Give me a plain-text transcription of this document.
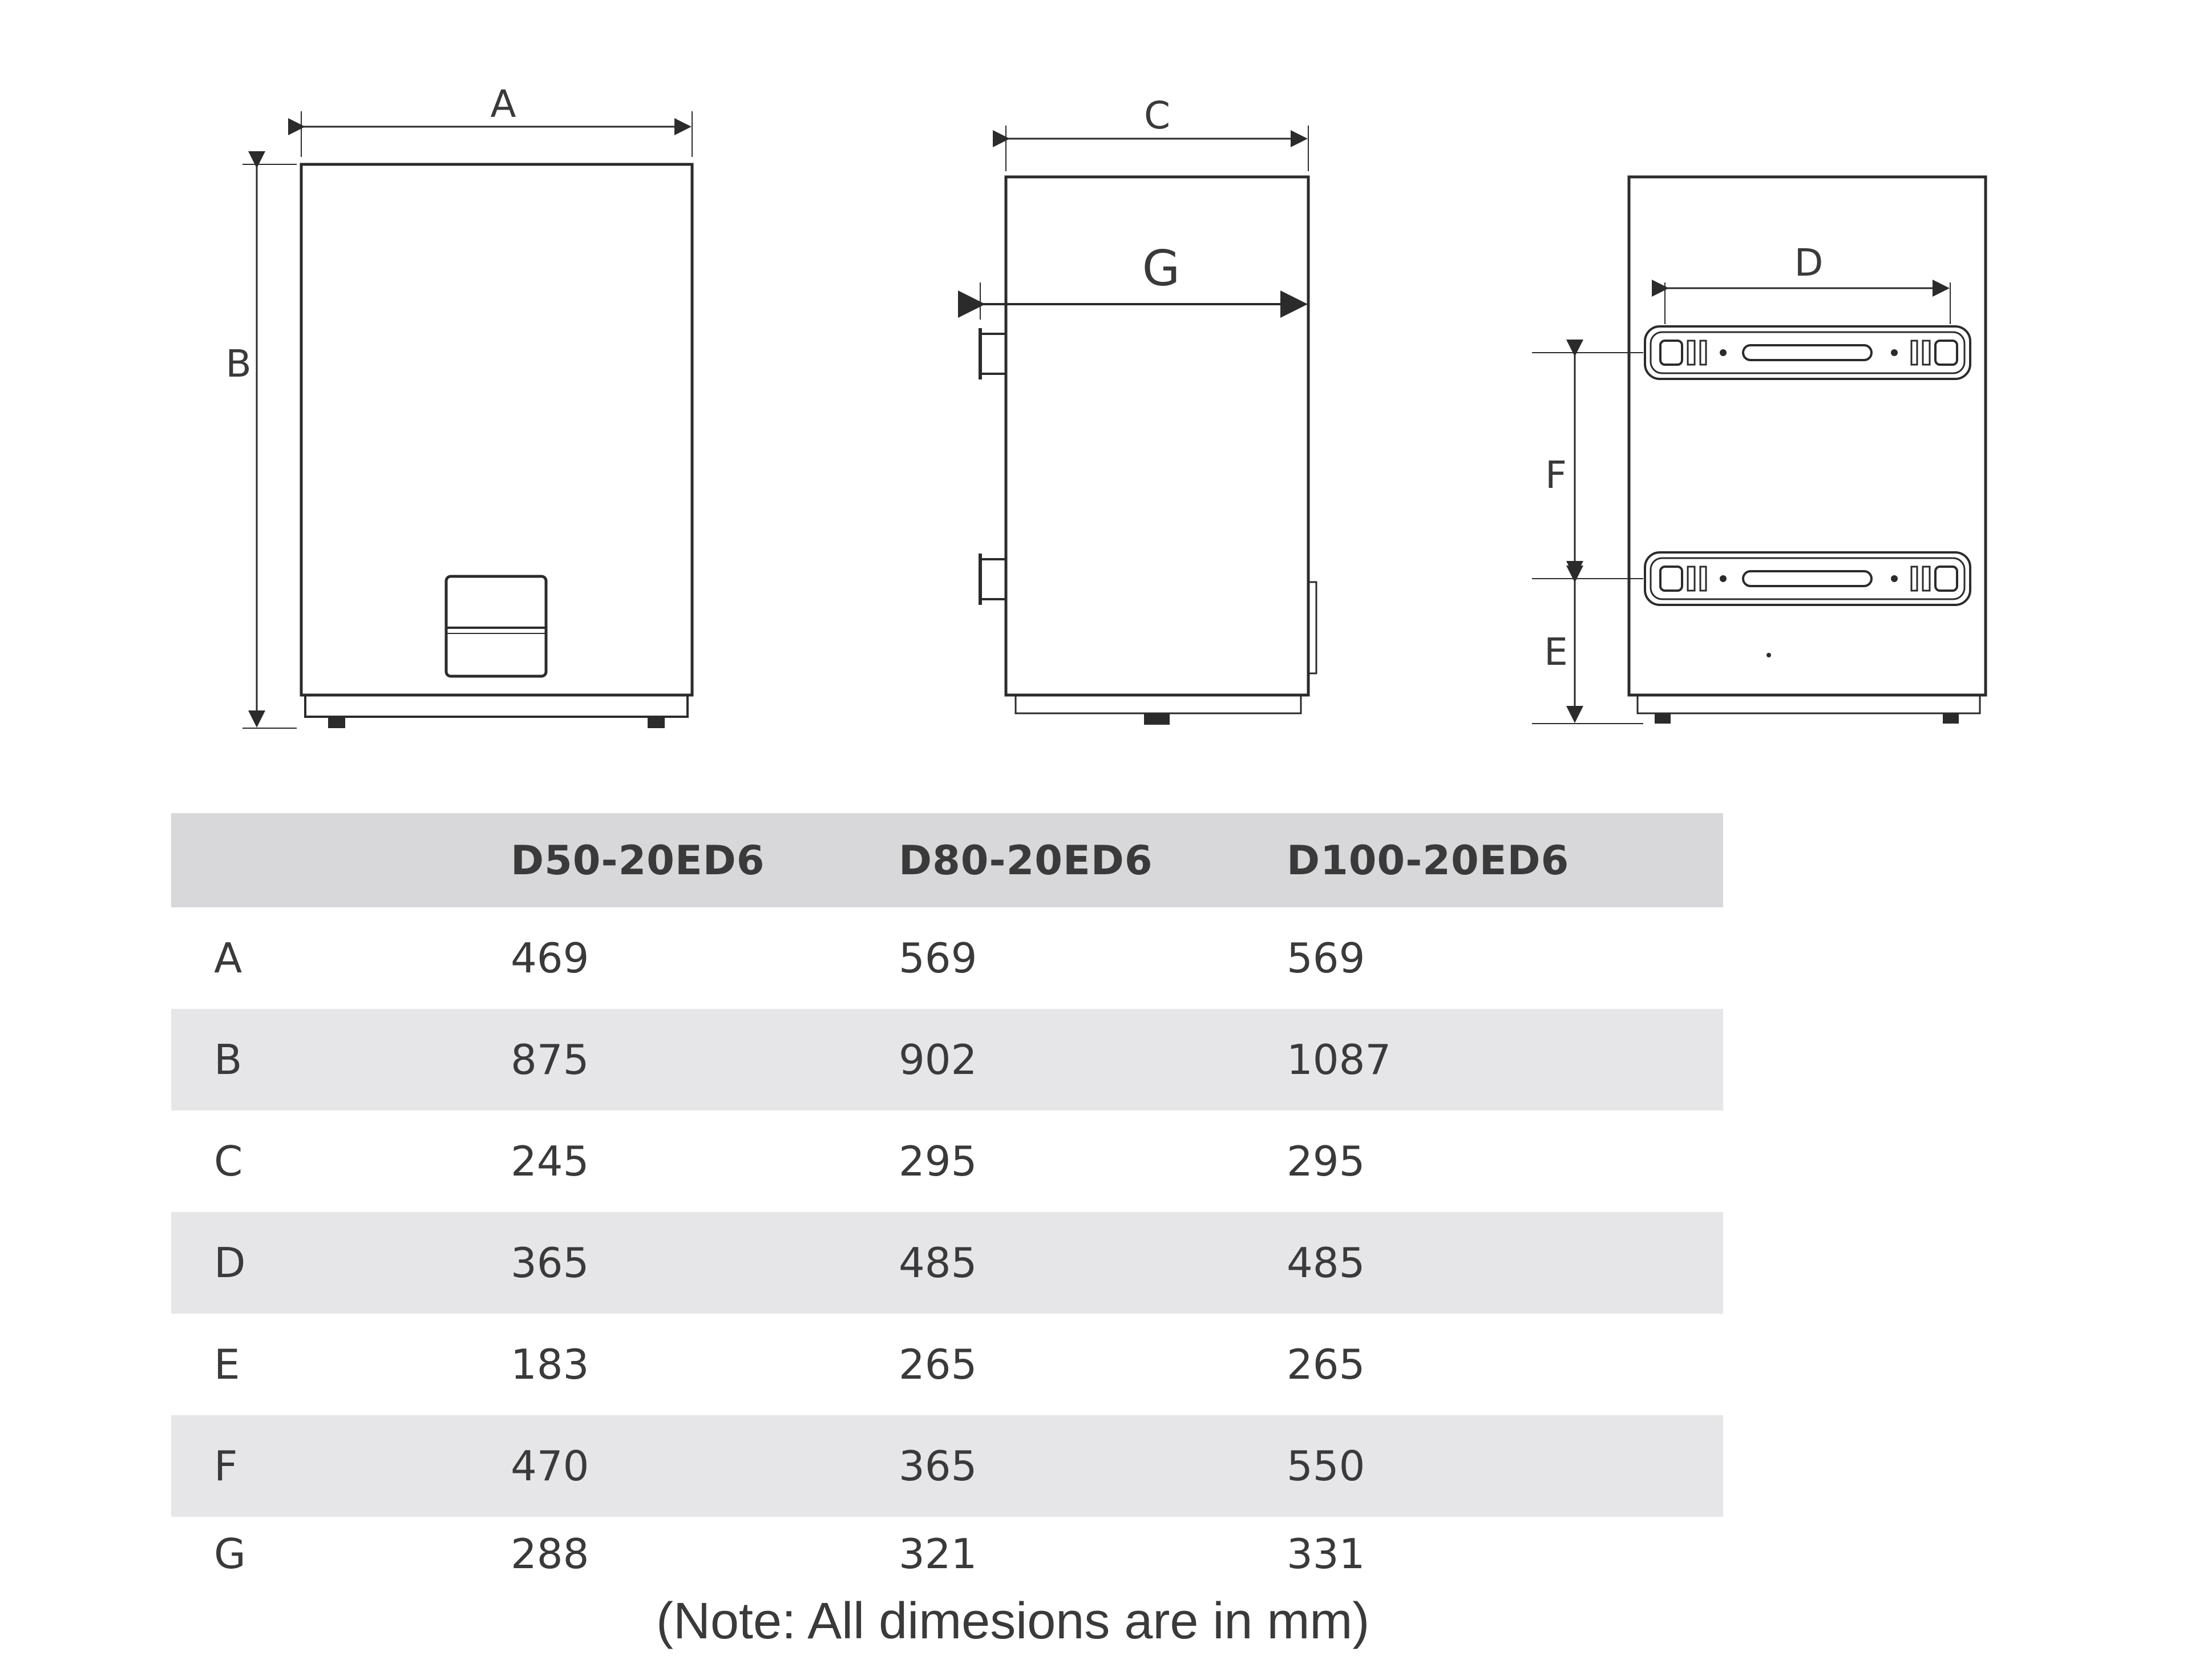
A
B
C
G	D
F
E
D50-20ED6	D80-20ED6	D100-20ED6
A	469	569	569
B	875	902	1087
C	245	295	295
D	365	485	485
E	183	265	265
F	470	365	550
G	288	321	331
(Note: All dimesions are in mm)
